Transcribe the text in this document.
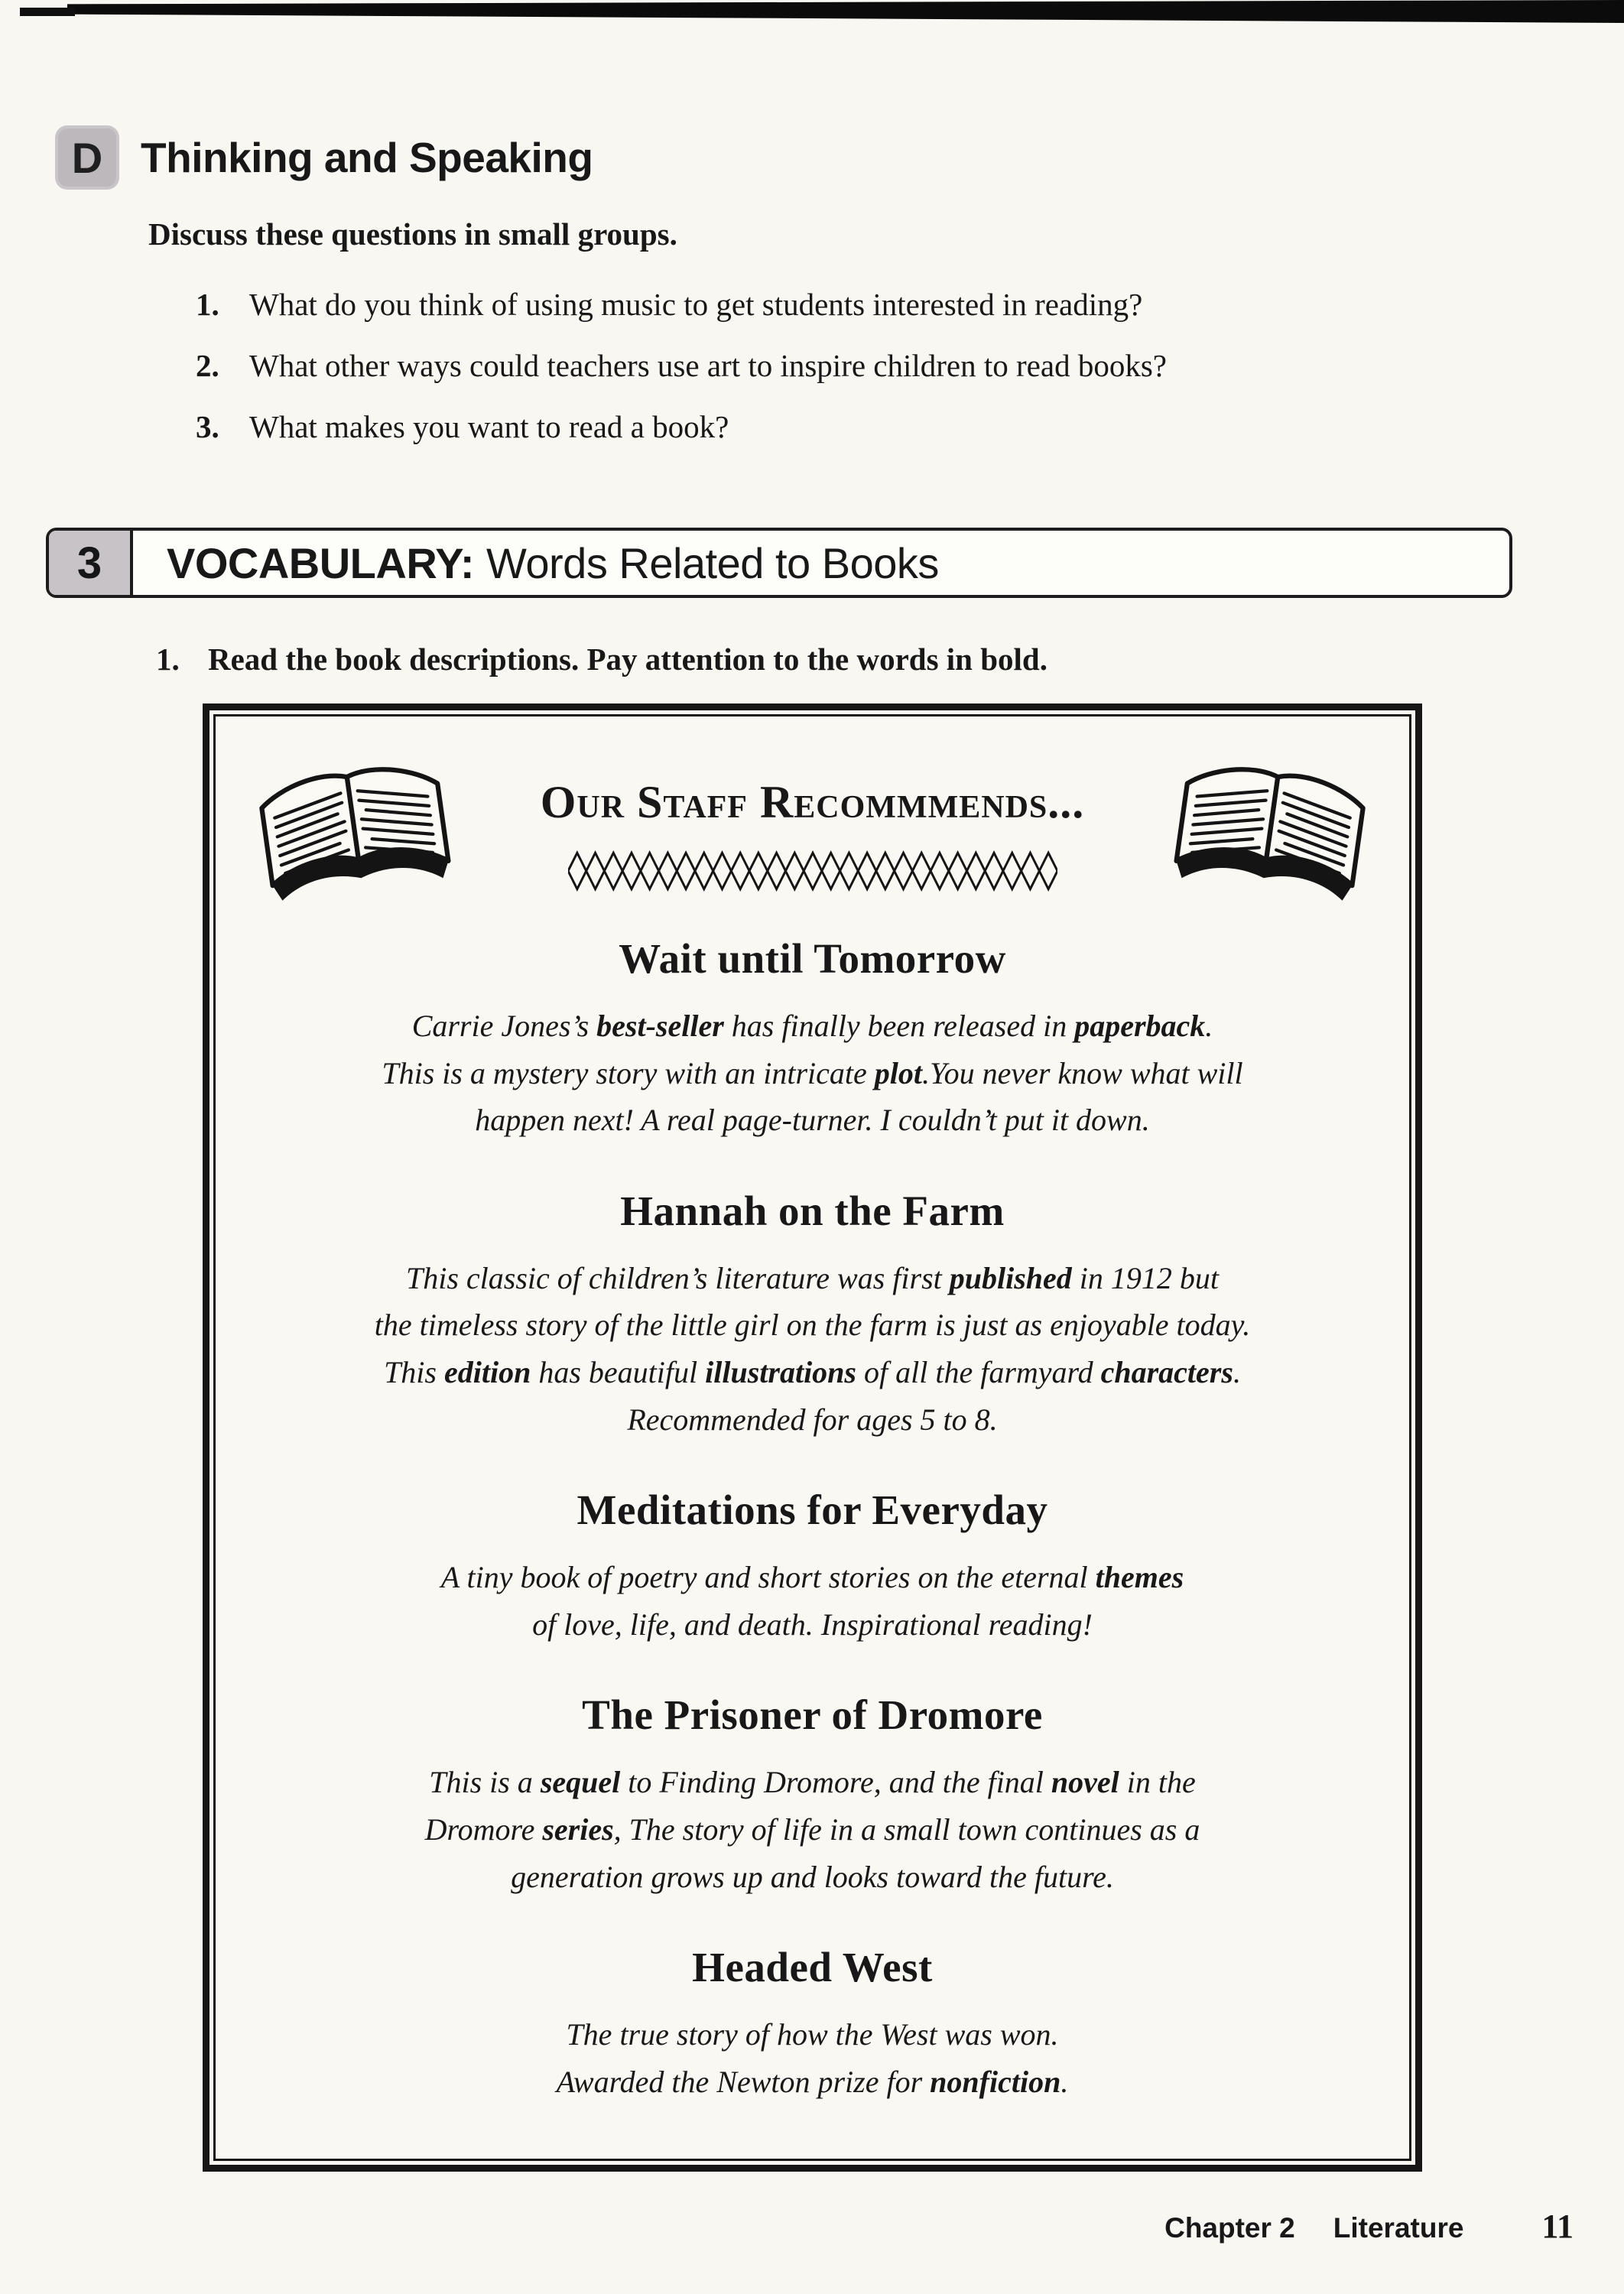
D Thinking and Speaking

Discuss these questions in small groups.

1. What do you think of using music to get students interested in reading?
2. What other ways could teachers use art to inspire children to read books?
3. What makes you want to read a book?
3	VOCABULARY: Words Related to Books

1. Read the book descriptions. Pay attention to the words in bold.

Our Staff Recommmends...
Wait until Tomorrow

Carrie Jones’s best-seller has finally been released in paperback.
This is a mystery story with an intricate plot.You never know what will
happen next! A real page-turner. I couldn’t put it down.

Hannah on the Farm

This classic of children’s literature was first published in 1912 but
the timeless story of the little girl on the farm is just as enjoyable today.
This edition has beautiful illustrations of all the farmyard characters.
Recommended for ages 5 to 8.

Meditations for Everyday

A tiny book of poetry and short stories on the eternal themes
of love, life, and death. Inspirational reading!

The Prisoner of Dromore

This is a sequel to Finding Dromore, and the final novel in the
Dromore series, The story of life in a small town continues as a
generation grows up and looks toward the future.

Headed West

The true story of how the West was won.
Awarded the Newton prize for nonfiction.

Chapter 2 Literature 11
